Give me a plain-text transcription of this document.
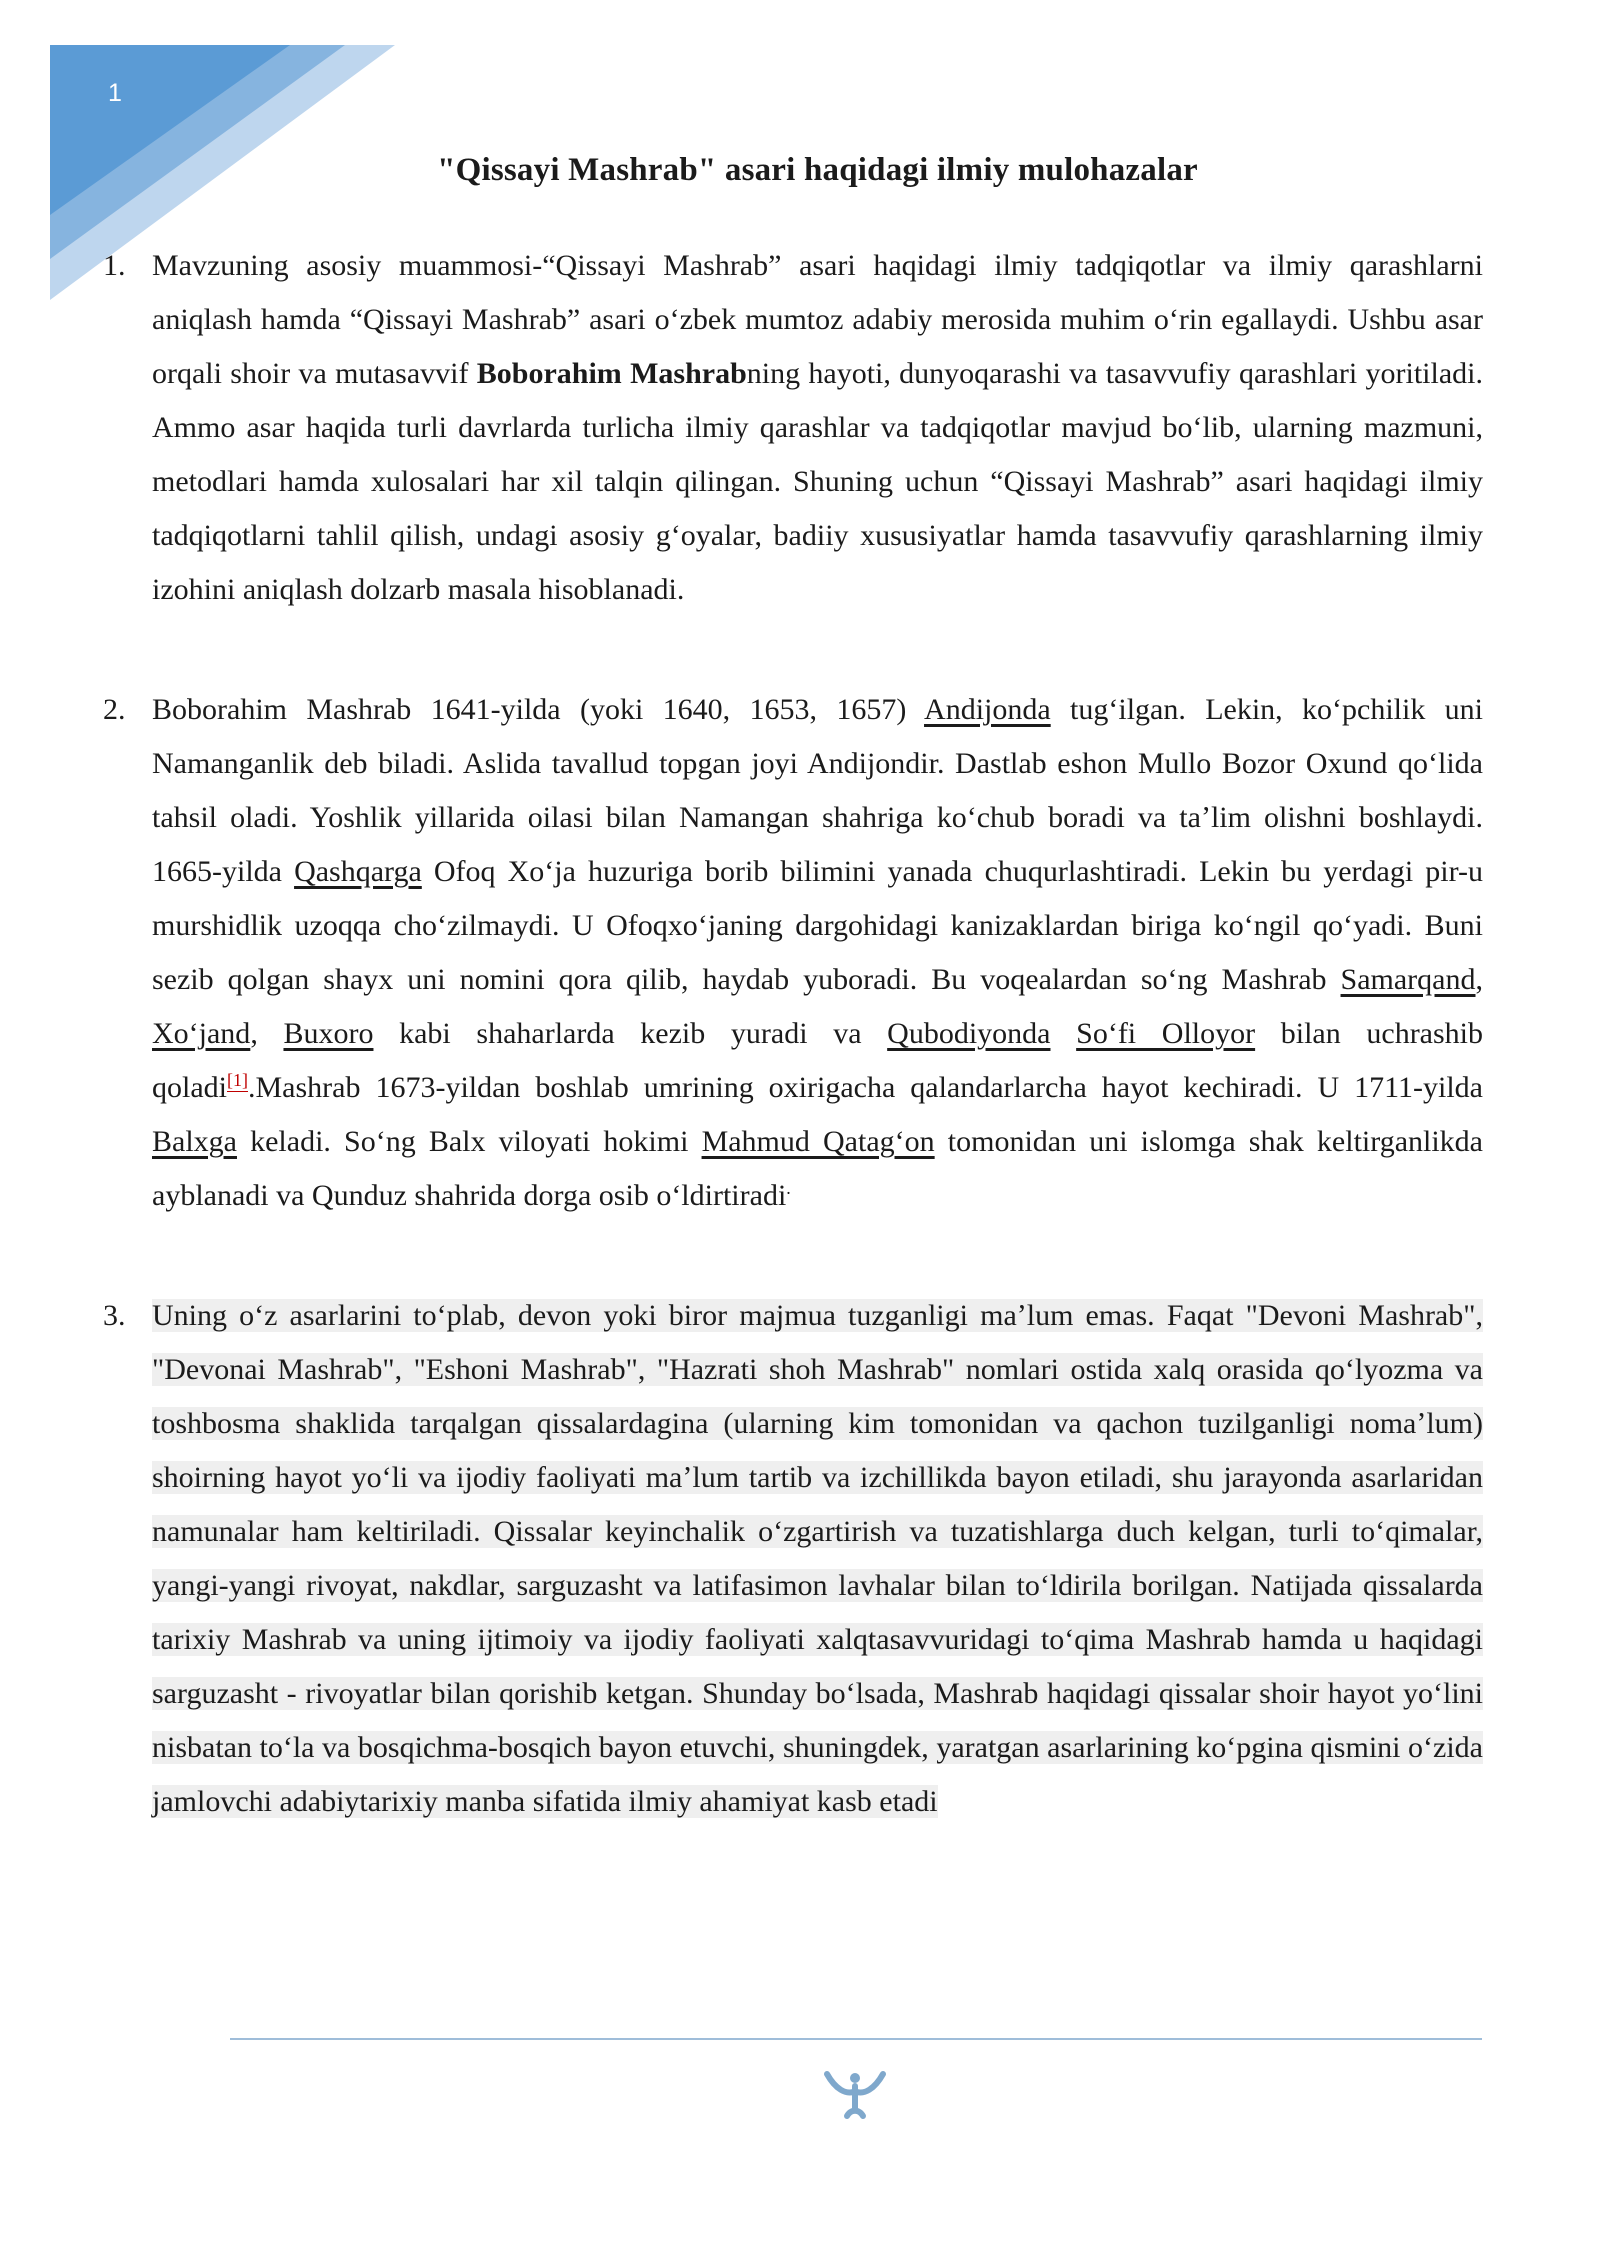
1
"Qissayi Mashrab" asari haqidagi ilmiy mulohazalar
1. Mavzuning asosiy muammosi-“Qissayi Mashrab” asari haqidagi ilmiy tadqiqotlar va ilmiy qarashlarni aniqlash hamda “Qissayi Mashrab” asari oʻzbek mumtoz adabiy merosida muhim oʻrin egallaydi. Ushbu asar orqali shoir va mutasavvif Boborahim Mashrabning hayoti, dunyoqarashi va tasavvufiy qarashlari yoritiladi. Ammo asar haqida turli davrlarda turlicha ilmiy qarashlar va tadqiqotlar mavjud boʻlib, ularning mazmuni, metodlari hamda xulosalari har xil talqin qilingan. Shuning uchun “Qissayi Mashrab” asari haqidagi ilmiy tadqiqotlarni tahlil qilish, undagi asosiy gʻoyalar, badiiy xususiyatlar hamda tasavvufiy qarashlarning ilmiy izohini aniqlash dolzarb masala hisoblanadi.
2. Boborahim Mashrab 1641-yilda (yoki 1640, 1653, 1657) Andijonda tugʻilgan. Lekin, koʻpchilik uni Namanganlik deb biladi. Aslida tavallud topgan joyi Andijondir. Dastlab eshon Mullo Bozor Oxund qoʻlida tahsil oladi. Yoshlik yillarida oilasi bilan Namangan shahriga koʻchub boradi va taʼlim olishni boshlaydi. 1665-yilda Qashqarga Ofoq Xoʻja huzuriga borib bilimini yanada chuqurlashtiradi. Lekin bu yerdagi pir-u murshidlik uzoqqa choʻzilmaydi. U Ofoqxoʻjaning dargohidagi kanizaklardan biriga koʻngil qoʻyadi. Buni sezib qolgan shayx uni nomini qora qilib, haydab yuboradi. Bu voqealardan soʻng Mashrab Samarqand, Xoʻjand, Buxoro kabi shaharlarda kezib yuradi va Qubodiyonda Soʻfi Olloyor bilan uchrashib qoladi[1].Mashrab 1673-yildan boshlab umrining oxirigacha qalandarlarcha hayot kechiradi. U 1711-yilda Balxga keladi. Soʻng Balx viloyati hokimi Mahmud Qatagʻon tomonidan uni islomga shak keltirganlikda ayblanadi va Qunduz shahrida dorga osib oʻldirtiradi.
3. Uning oʻz asarlarini toʻplab, devon yoki biror majmua tuzganligi maʼlum emas. Faqat "Devoni Mashrab", "Devonai Mashrab", "Eshoni Mashrab", "Hazrati shoh Mashrab" nomlari ostida xalq orasida qoʻlyozma va toshbosma shaklida tarqalgan qissalardagina (ularning kim tomonidan va qachon tuzilganligi nomaʼlum) shoirning hayot yoʻli va ijodiy faoliyati maʼlum tartib va izchillikda bayon etiladi, shu jarayonda asarlaridan namunalar ham keltiriladi. Qissalar keyinchalik oʻzgartirish va tuzatishlarga duch kelgan, turli toʻqimalar, yangi-yangi rivoyat, nakdlar, sarguzasht va latifasimon lavhalar bilan toʻldirila borilgan. Natijada qissalarda tarixiy Mashrab va uning ijtimoiy va ijodiy faoliyati xalqtasavvuridagi toʻqima Mashrab hamda u haqidagi sarguzasht - rivoyatlar bilan qorishib ketgan. Shunday boʻlsada, Mashrab haqidagi qissalar shoir hayot yoʻlini nisbatan toʻla va bosqichma-bosqich bayon etuvchi, shuningdek, yaratgan asarlarining koʻpgina qismini oʻzida jamlovchi adabiytarixiy manba sifatida ilmiy ahamiyat kasb etadi
